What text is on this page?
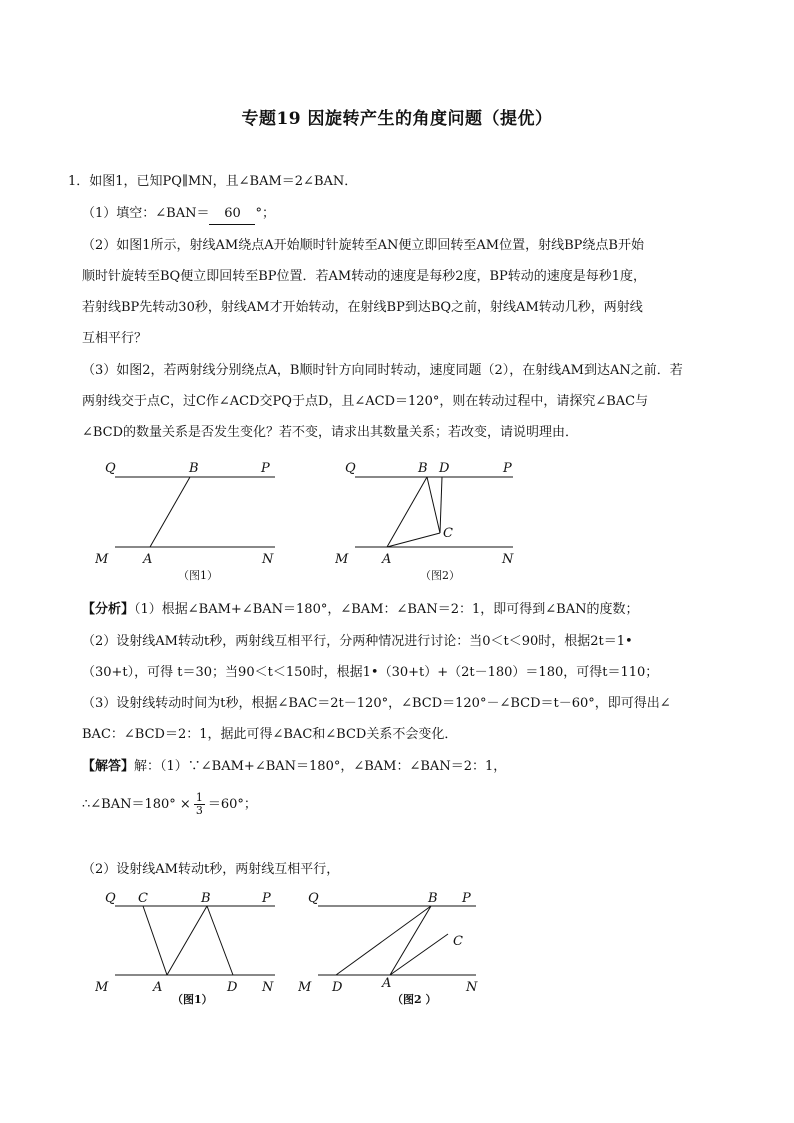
专题19 因旋转产生的角度问题（提优）
1．如图1，已知PQ∥MN，且∠BAM＝2∠BAN．
（1）填空：∠BAN＝ 60 °；
（2）如图1所示，射线AM绕点A开始顺时针旋转至AN便立即回转至AM位置，射线BP绕点B开始
顺时针旋转至BQ便立即回转至BP位置．若AM转动的速度是每秒2度，BP转动的速度是每秒1度，
若射线BP先转动30秒，射线AM才开始转动，在射线BP到达BQ之前，射线AM转动几秒，两射线
互相平行？
（3）如图2，若两射线分别绕点A，B顺时针方向同时转动，速度同题（2），在射线AM到达AN之前．若
两射线交于点C，过C作∠ACD交PQ于点D，且∠ACD＝120°，则在转动过程中，请探究∠BAC与
∠BCD的数量关系是否发生变化？若不变，请求出其数量关系；若改变，请说明理由．
Q	B	P
M	A	N
（图1）
Q	B D	P
C
M	A	N
（图2）
【分析】（1）根据∠BAM+∠BAN＝180°，∠BAM：∠BAN＝2：1，即可得到∠BAN的度数；
（2）设射线AM转动t秒，两射线互相平行，分两种情况进行讨论：当0＜t＜90时，根据2t＝1•
（30+t），可得 t＝30；当90＜t＜150时，根据1•（30+t）+（2t－180）＝180，可得t＝110；
（3）设射线转动时间为t秒，根据∠BAC＝2t－120°，∠BCD＝120°－∠BCD＝t－60°，即可得出∠
BAC：∠BCD＝2：1，据此可得∠BAC和∠BCD关系不会变化．
【解答】解：（1）∵∠BAM+∠BAN＝180°，∠BAM：∠BAN＝2：1，
∴∠BAN＝180° × $\frac{1}{3} =60^\circ$；
（2）设射线AM转动t秒，两射线互相平行，
Q C	B	P
M	A	D N
（图1）
Q	B P
C
M D	A	N
（图2 ）
